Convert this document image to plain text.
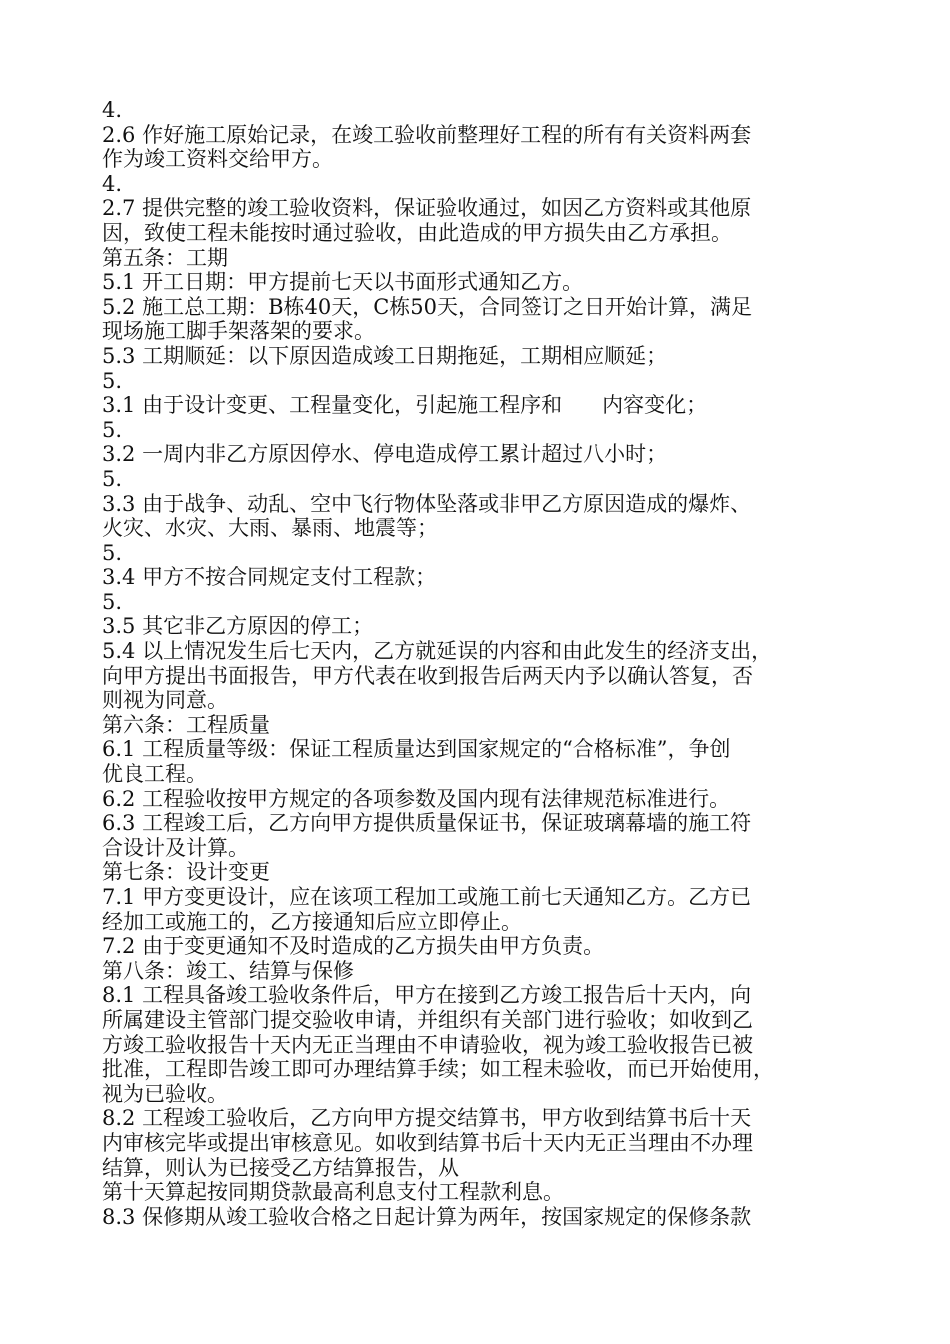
4.
2.6 作好施工原始记录，在竣工验收前整理好工程的所有有关资料两套
作为竣工资料交给甲方。
4.
2.7 提供完整的竣工验收资料，保证验收通过，如因乙方资料或其他原
因，致使工程未能按时通过验收，由此造成的甲方损失由乙方承担。
第五条：工期
5.1 开工日期：甲方提前七天以书面形式通知乙方。
5.2 施工总工期：B栋40天，C栋50天，合同签订之日开始计算，满足
现场施工脚手架落架的要求。
5.3 工期顺延：以下原因造成竣工日期拖延，工期相应顺延；
5.
3.1 由于设计变更、工程量变化，引起施工程序和      内容变化；
5.
3.2 一周内非乙方原因停水、停电造成停工累计超过八小时；
5.
3.3 由于战争、动乱、空中飞行物体坠落或非甲乙方原因造成的爆炸、
火灾、水灾、大雨、暴雨、地震等；
5.
3.4 甲方不按合同规定支付工程款；
5.
3.5 其它非乙方原因的停工；
5.4 以上情况发生后七天内，乙方就延误的内容和由此发生的经济支出，
向甲方提出书面报告，甲方代表在收到报告后两天内予以确认答复，否
则视为同意。
第六条：工程质量
6.1 工程质量等级：保证工程质量达到国家规定的“合格标准”，争创
优良工程。
6.2 工程验收按甲方规定的各项参数及国内现有法律规范标准进行。
6.3 工程竣工后，乙方向甲方提供质量保证书，保证玻璃幕墙的施工符
合设计及计算。
第七条：设计变更
7.1 甲方变更设计，应在该项工程加工或施工前七天通知乙方。乙方已
经加工或施工的，乙方接通知后应立即停止。
7.2 由于变更通知不及时造成的乙方损失由甲方负责。
第八条：竣工、结算与保修
8.1 工程具备竣工验收条件后，甲方在接到乙方竣工报告后十天内，向
所属建设主管部门提交验收申请，并组织有关部门进行验收；如收到乙
方竣工验收报告十天内无正当理由不申请验收，视为竣工验收报告已被
批准，工程即告竣工即可办理结算手续；如工程未验收，而已开始使用，
视为已验收。
8.2 工程竣工验收后，乙方向甲方提交结算书，甲方收到结算书后十天
内审核完毕或提出审核意见。如收到结算书后十天内无正当理由不办理
结算，则认为已接受乙方结算报告，从
第十天算起按同期贷款最高利息支付工程款利息。
8.3 保修期从竣工验收合格之日起计算为两年，按国家规定的保修条款
